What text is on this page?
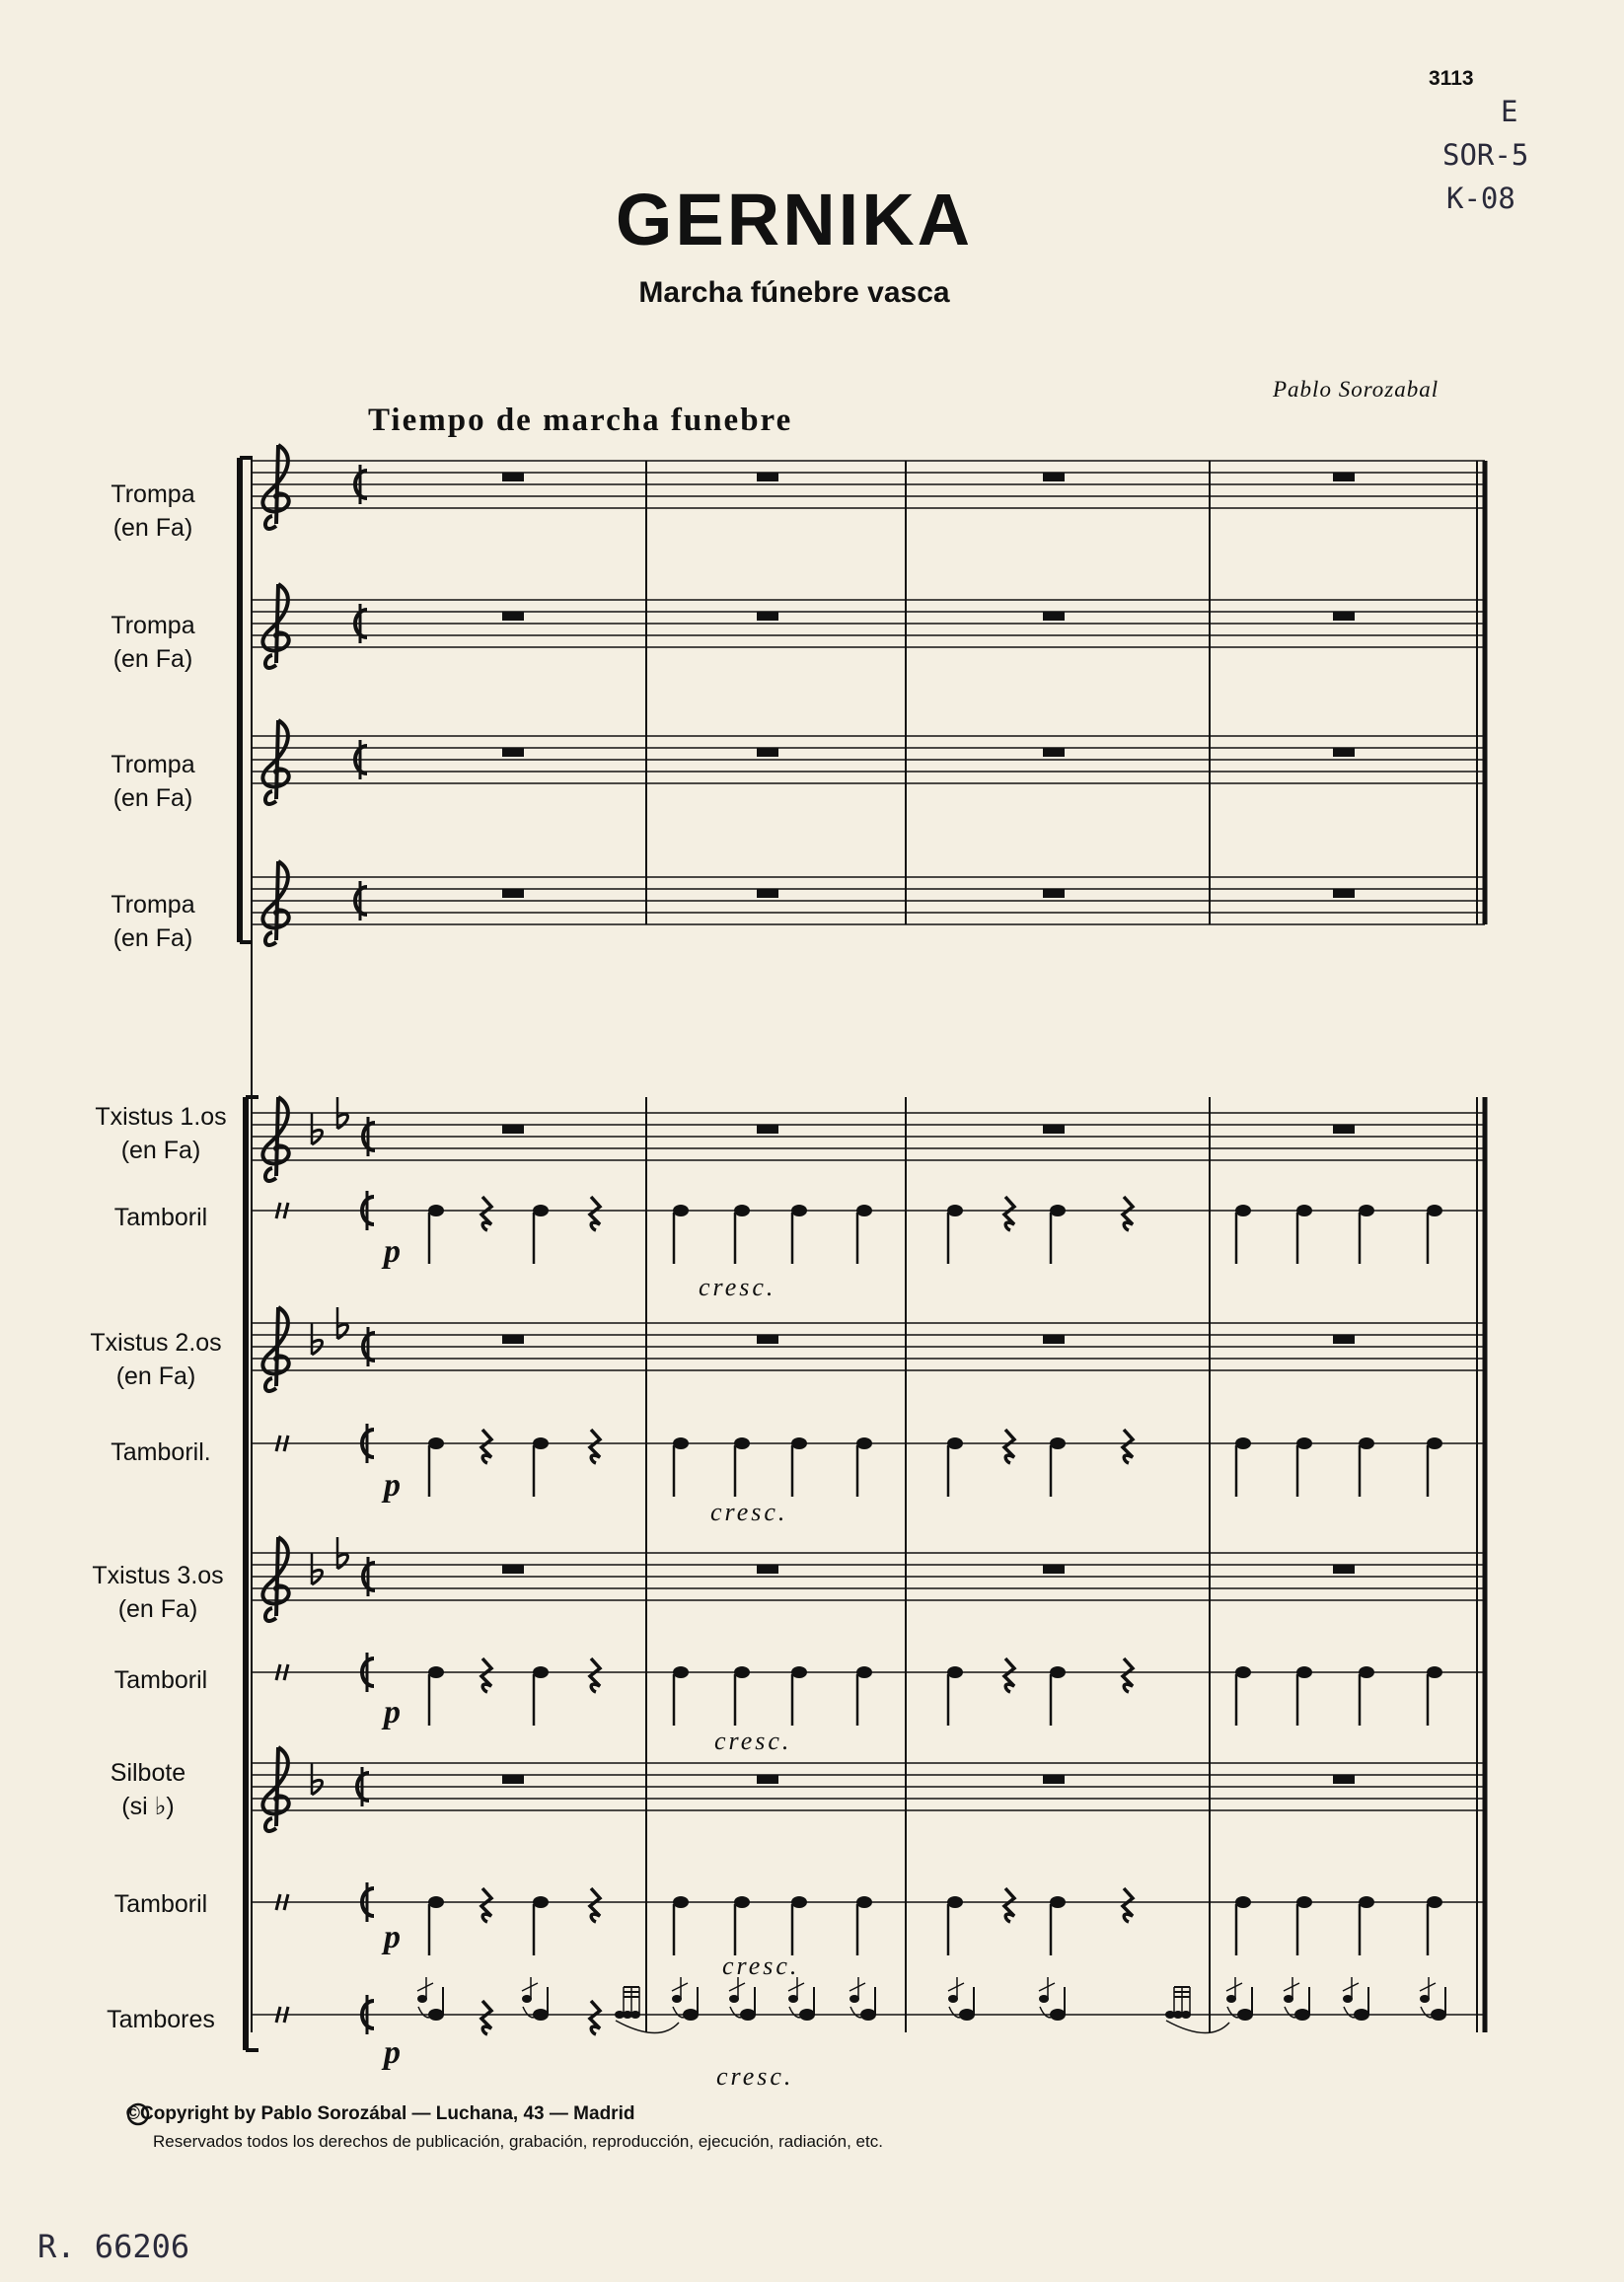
3113
E
SOR-5
K-08
GERNIKA
Marcha fúnebre vasca
Pablo Sorozabal
Tiempo de marcha funebre
Trompa
(en Fa)
Trompa
(en Fa)
Trompa
(en Fa)
Trompa
(en Fa)
Txistus 1.os
(en Fa)
Tamboril
Txistus 2.os
(en Fa)
Tamboril.
Txistus 3.os
(en Fa)
Tamboril
Silbote
(si ♭)
Tamboril
Tambores
p
p
p
p
p
cresc.
cresc.
cresc.
cresc.
cresc.
©Copyright by Pablo Sorozábal — Luchana, 43 — Madrid
Reservados todos los derechos de publicación, grabación, reproducción, ejecución, radiación, etc.
R. 66206
